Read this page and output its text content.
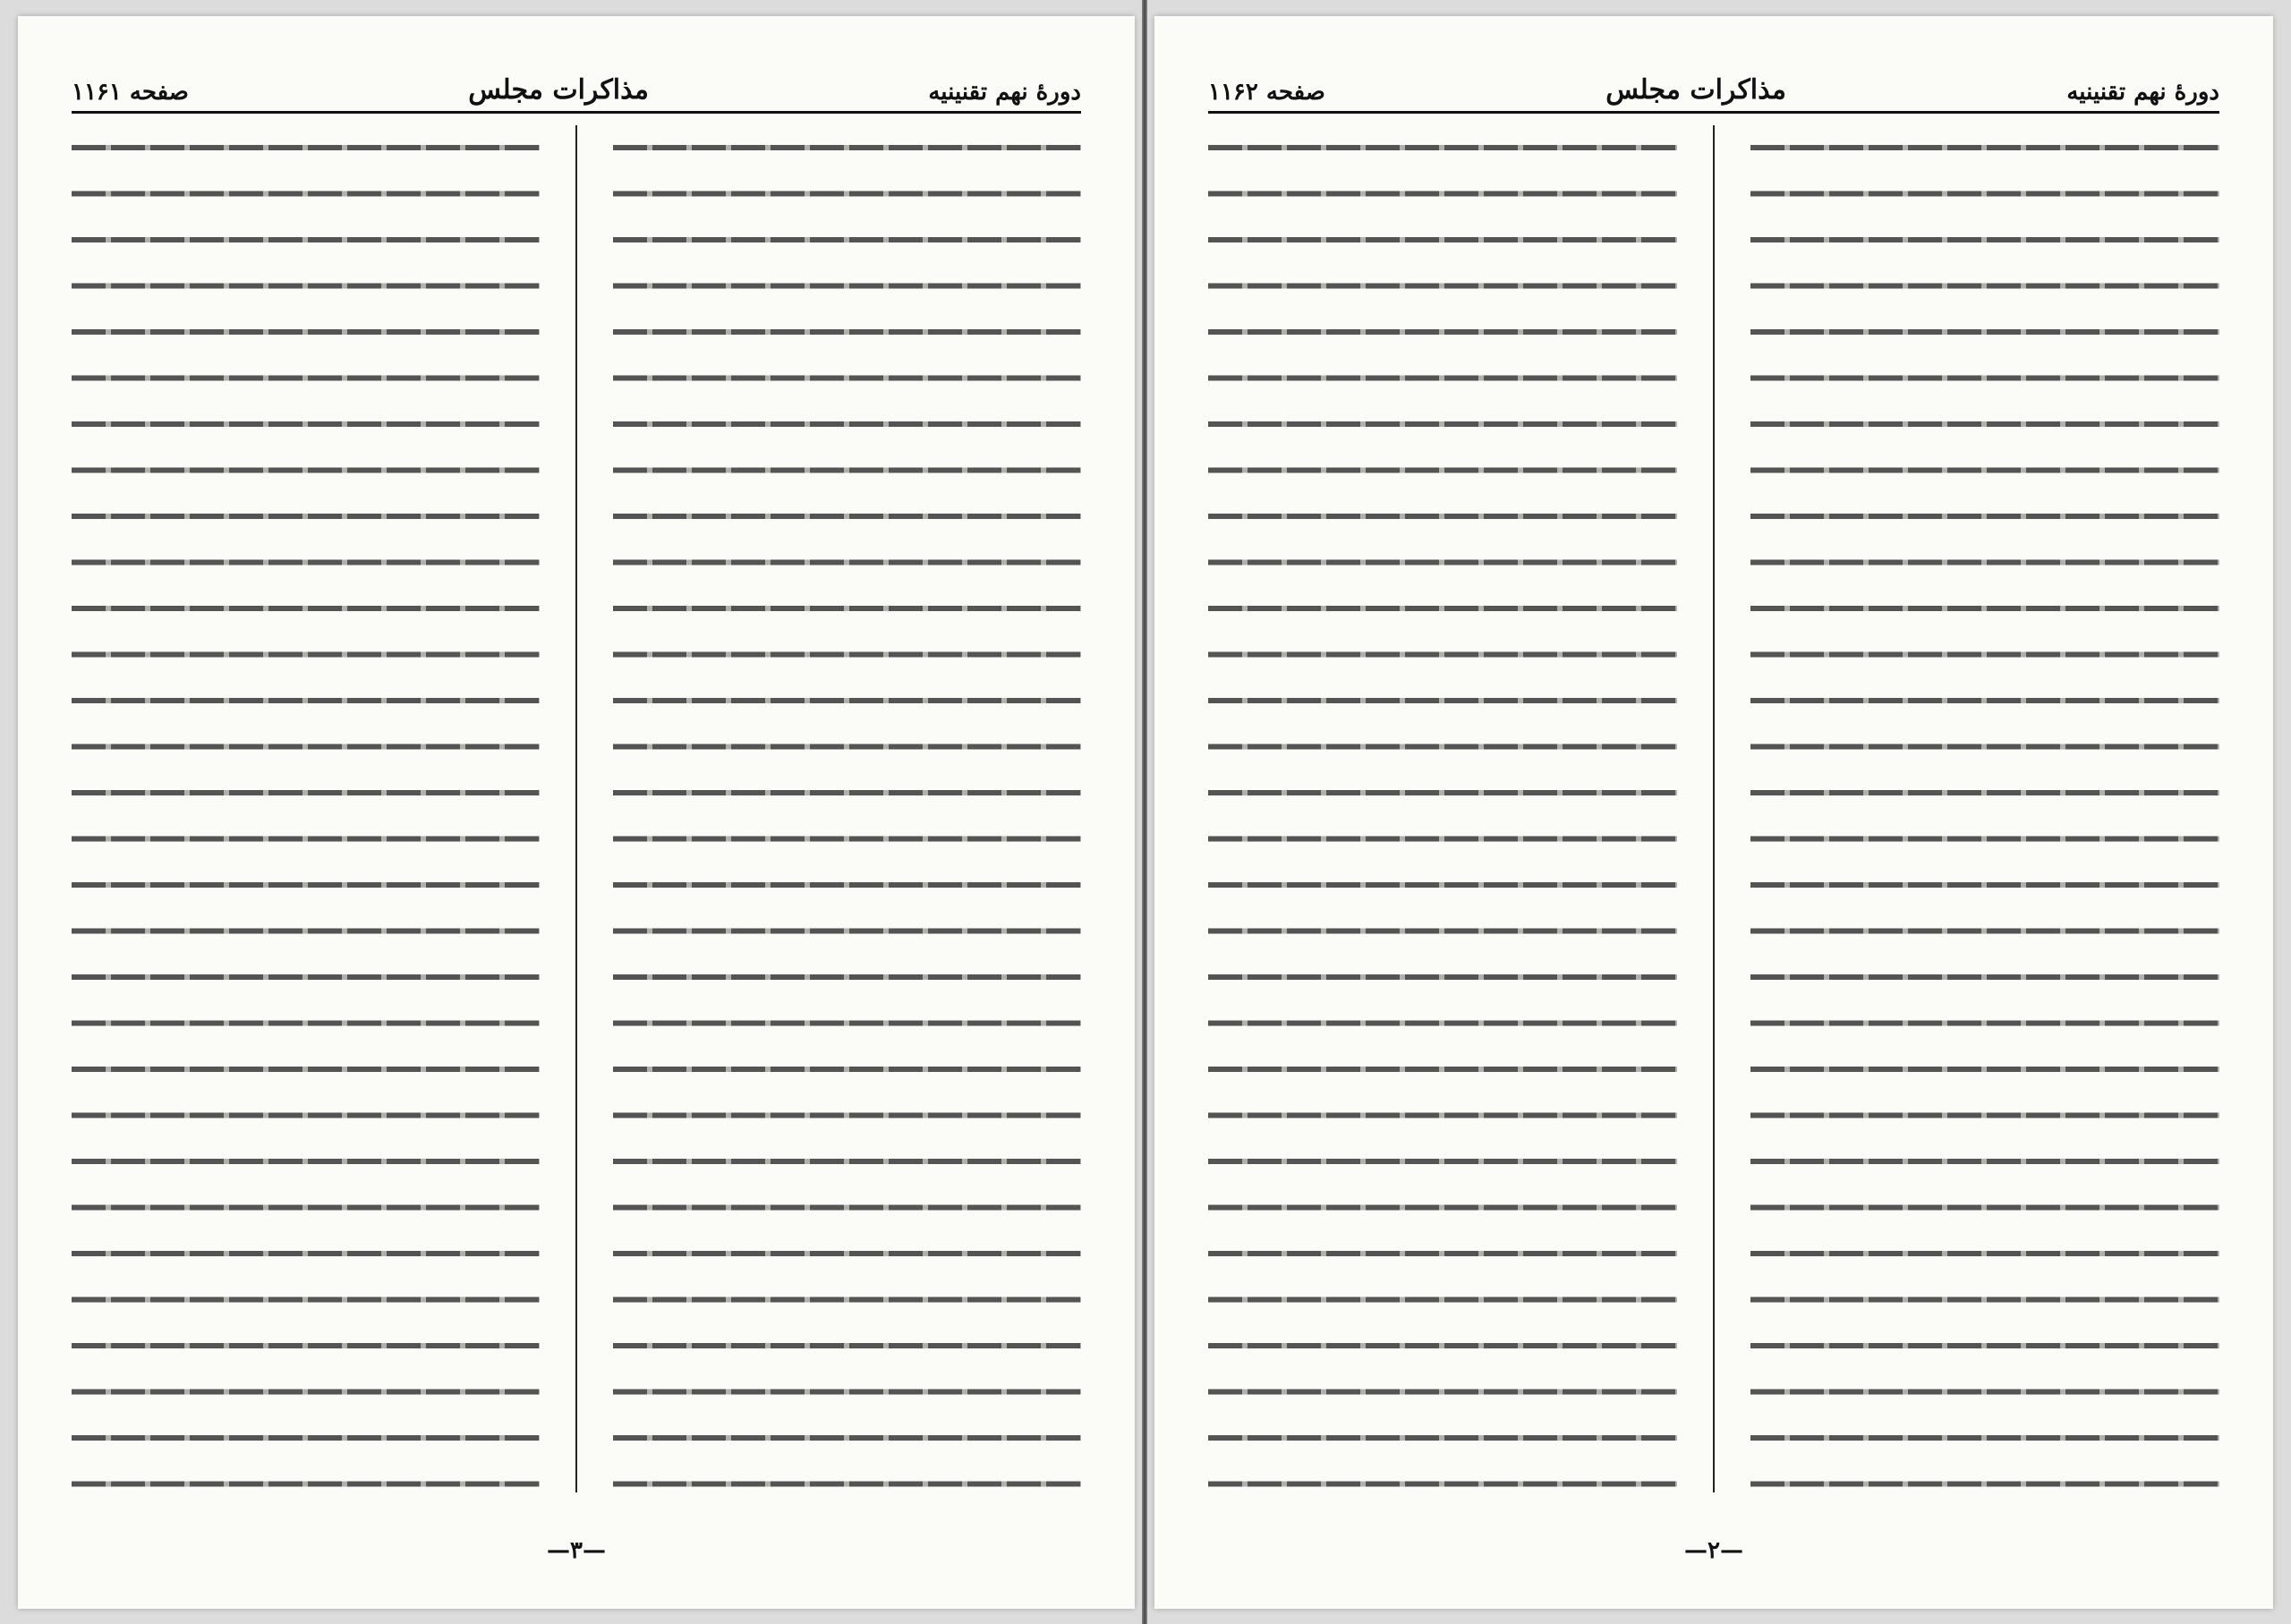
دورهٔ نهم تقنینیه
مذاکرات مجلس
صفحه ۱۱۶۱
—۳—
دورهٔ نهم تقنینیه
مذاکرات مجلس
صفحه ۱۱۶۲
—۲—
